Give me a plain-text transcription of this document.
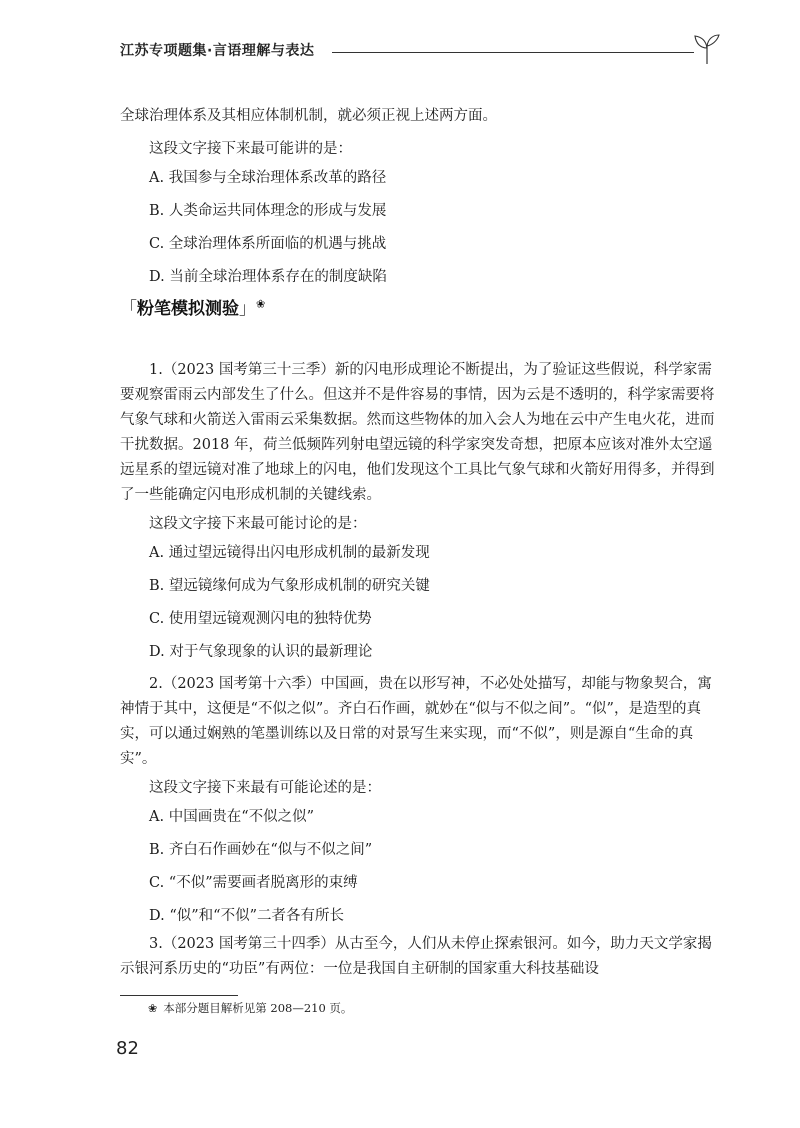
江苏专项题集·言语理解与表达

全球治理体系及其相应体制机制，就必须正视上述两方面。

这段文字接下来最可能讲的是：

A. 我国参与全球治理体系改革的路径

B. 人类命运共同体理念的形成与发展

C. 全球治理体系所面临的机遇与挑战

D. 当前全球治理体系存在的制度缺陷

「粉笔模拟测验」❀

1.（2023 国考第三十三季）新的闪电形成理论不断提出，为了验证这些假说，科学家需要观察雷雨云内部发生了什么。但这并不是件容易的事情，因为云是不透明的，科学家需要将气象气球和火箭送入雷雨云采集数据。然而这些物体的加入会人为地在云中产生电火花，进而干扰数据。2018 年，荷兰低频阵列射电望远镜的科学家突发奇想，把原本应该对准外太空遥远星系的望远镜对准了地球上的闪电，他们发现这个工具比气象气球和火箭好用得多，并得到了一些能确定闪电形成机制的关键线索。

这段文字接下来最可能讨论的是：

A. 通过望远镜得出闪电形成机制的最新发现

B. 望远镜缘何成为气象形成机制的研究关键

C. 使用望远镜观测闪电的独特优势

D. 对于气象现象的认识的最新理论

2.（2023 国考第十六季）中国画，贵在以形写神，不必处处描写，却能与物象契合，寓神情于其中，这便是“不似之似”。齐白石作画，就妙在“似与不似之间”。“似”，是造型的真实，可以通过娴熟的笔墨训练以及日常的对景写生来实现，而“不似”，则是源自“生命的真实”。

这段文字接下来最有可能论述的是：

A. 中国画贵在“不似之似”

B. 齐白石作画妙在“似与不似之间”

C. “不似”需要画者脱离形的束缚

D. “似”和“不似”二者各有所长

3.（2023 国考第三十四季）从古至今，人们从未停止探索银河。如今，助力天文学家揭示银河系历史的“功臣”有两位：一位是我国自主研制的国家重大科技基础设

❀ 本部分题目解析见第 208—210 页。
82
